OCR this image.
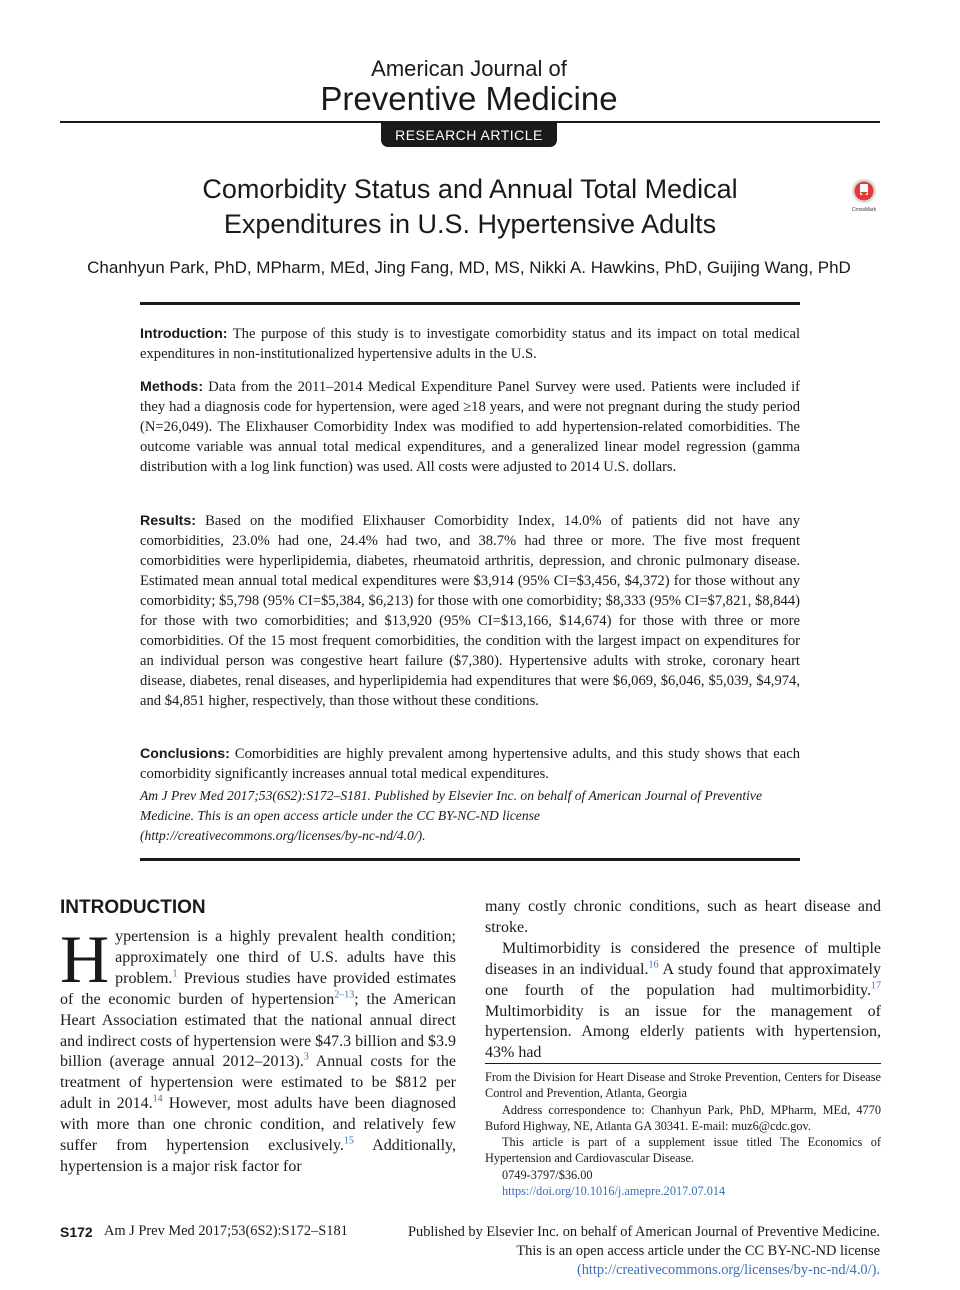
American Journal of
Preventive Medicine
RESEARCH ARTICLE
Comorbidity Status and Annual Total Medical Expenditures in U.S. Hypertensive Adults	CrossMark
Chanhyun Park, PhD, MPharm, MEd, Jing Fang, MD, MS, Nikki A. Hawkins, PhD, Guijing Wang, PhD
Introduction: The purpose of this study is to investigate comorbidity status and its impact on total medical expenditures in non-institutionalized hypertensive adults in the U.S.
Methods: Data from the 2011–2014 Medical Expenditure Panel Survey were used. Patients were included if they had a diagnosis code for hypertension, were aged ≥18 years, and were not pregnant during the study period (N=26,049). The Elixhauser Comorbidity Index was modified to add hypertension-related comorbidities. The outcome variable was annual total medical expenditures, and a generalized linear model regression (gamma distribution with a log link function) was used. All costs were adjusted to 2014 U.S. dollars.
Results: Based on the modified Elixhauser Comorbidity Index, 14.0% of patients did not have any comorbidities, 23.0% had one, 24.4% had two, and 38.7% had three or more. The five most frequent comorbidities were hyperlipidemia, diabetes, rheumatoid arthritis, depression, and chronic pulmonary disease. Estimated mean annual total medical expenditures were $3,914 (95% CI=$3,456, $4,372) for those without any comorbidity; $5,798 (95% CI=$5,384, $6,213) for those with one comorbidity; $8,333 (95% CI=$7,821, $8,844) for those with two comorbidities; and $13,920 (95% CI=$13,166, $14,674) for those with three or more comorbidities. Of the 15 most frequent comorbidities, the condition with the largest impact on expenditures for an individual person was congestive heart failure ($7,380). Hypertensive adults with stroke, coronary heart disease, diabetes, renal diseases, and hyperlipidemia had expenditures that were $6,069, $6,046, $5,039, $4,974, and $4,851 higher, respectively, than those without these conditions.
Conclusions: Comorbidities are highly prevalent among hypertensive adults, and this study shows that each comorbidity significantly increases annual total medical expenditures.
Am J Prev Med 2017;53(6S2):S172–S181. Published by Elsevier Inc. on behalf of American Journal of Preventive Medicine. This is an open access article under the CC BY-NC-ND license
(http://creativecommons.org/licenses/by-nc-nd/4.0/).
INTRODUCTION

Hypertension is a highly prevalent health condition; approximately one third of U.S. adults have this problem.$^1$ Previous studies have provided estimates of the economic burden of hypertension$^{2-13}$; the American Heart Association estimated that the national annual direct and indirect costs of hypertension were $47.3 billion and $3.9 billion (average annual 2012–2013).$^3$ Annual costs for the treatment of hypertension were estimated to be $812 per adult in 2014.14 However, most adults have been diagnosed with more than one chronic condition, and relatively few suffer from hypertension exclusively.$^{15}$ Additionally, hypertension is a major risk factor for

many costly chronic conditions, such as heart disease and stroke.

Multimorbidity is considered the presence of multiple diseases in an individual.$^{16}$ A study found that approximately one fourth of the population had multimorbidity.$^{17}$ Multimorbidity is an issue for the management of hypertension. Among elderly patients with hypertension, 43% had

From the Division for Heart Disease and Stroke Prevention, Centers for Disease Control and Prevention, Atlanta, Georgia

Address correspondence to: Chanhyun Park, PhD, MPharm, MEd, 4770 Buford Highway, NE, Atlanta GA 30341. E-mail: muz6@cdc.gov.

This article is part of a supplement issue titled The Economics of Hypertension and Cardiovascular Disease.

0749-3797/$36.00

https://doi.org/10.1016/j.amepre.2017.07.014

S172 Am J Prev Med 2017;53(6S2):S172–S181	Published by Elsevier Inc. on behalf of American Journal of Preventive Medicine.
This is an open access article under the CC BY-NC-ND license (http://creativecommons.org/licenses/by-nc-nd/4.0/).
